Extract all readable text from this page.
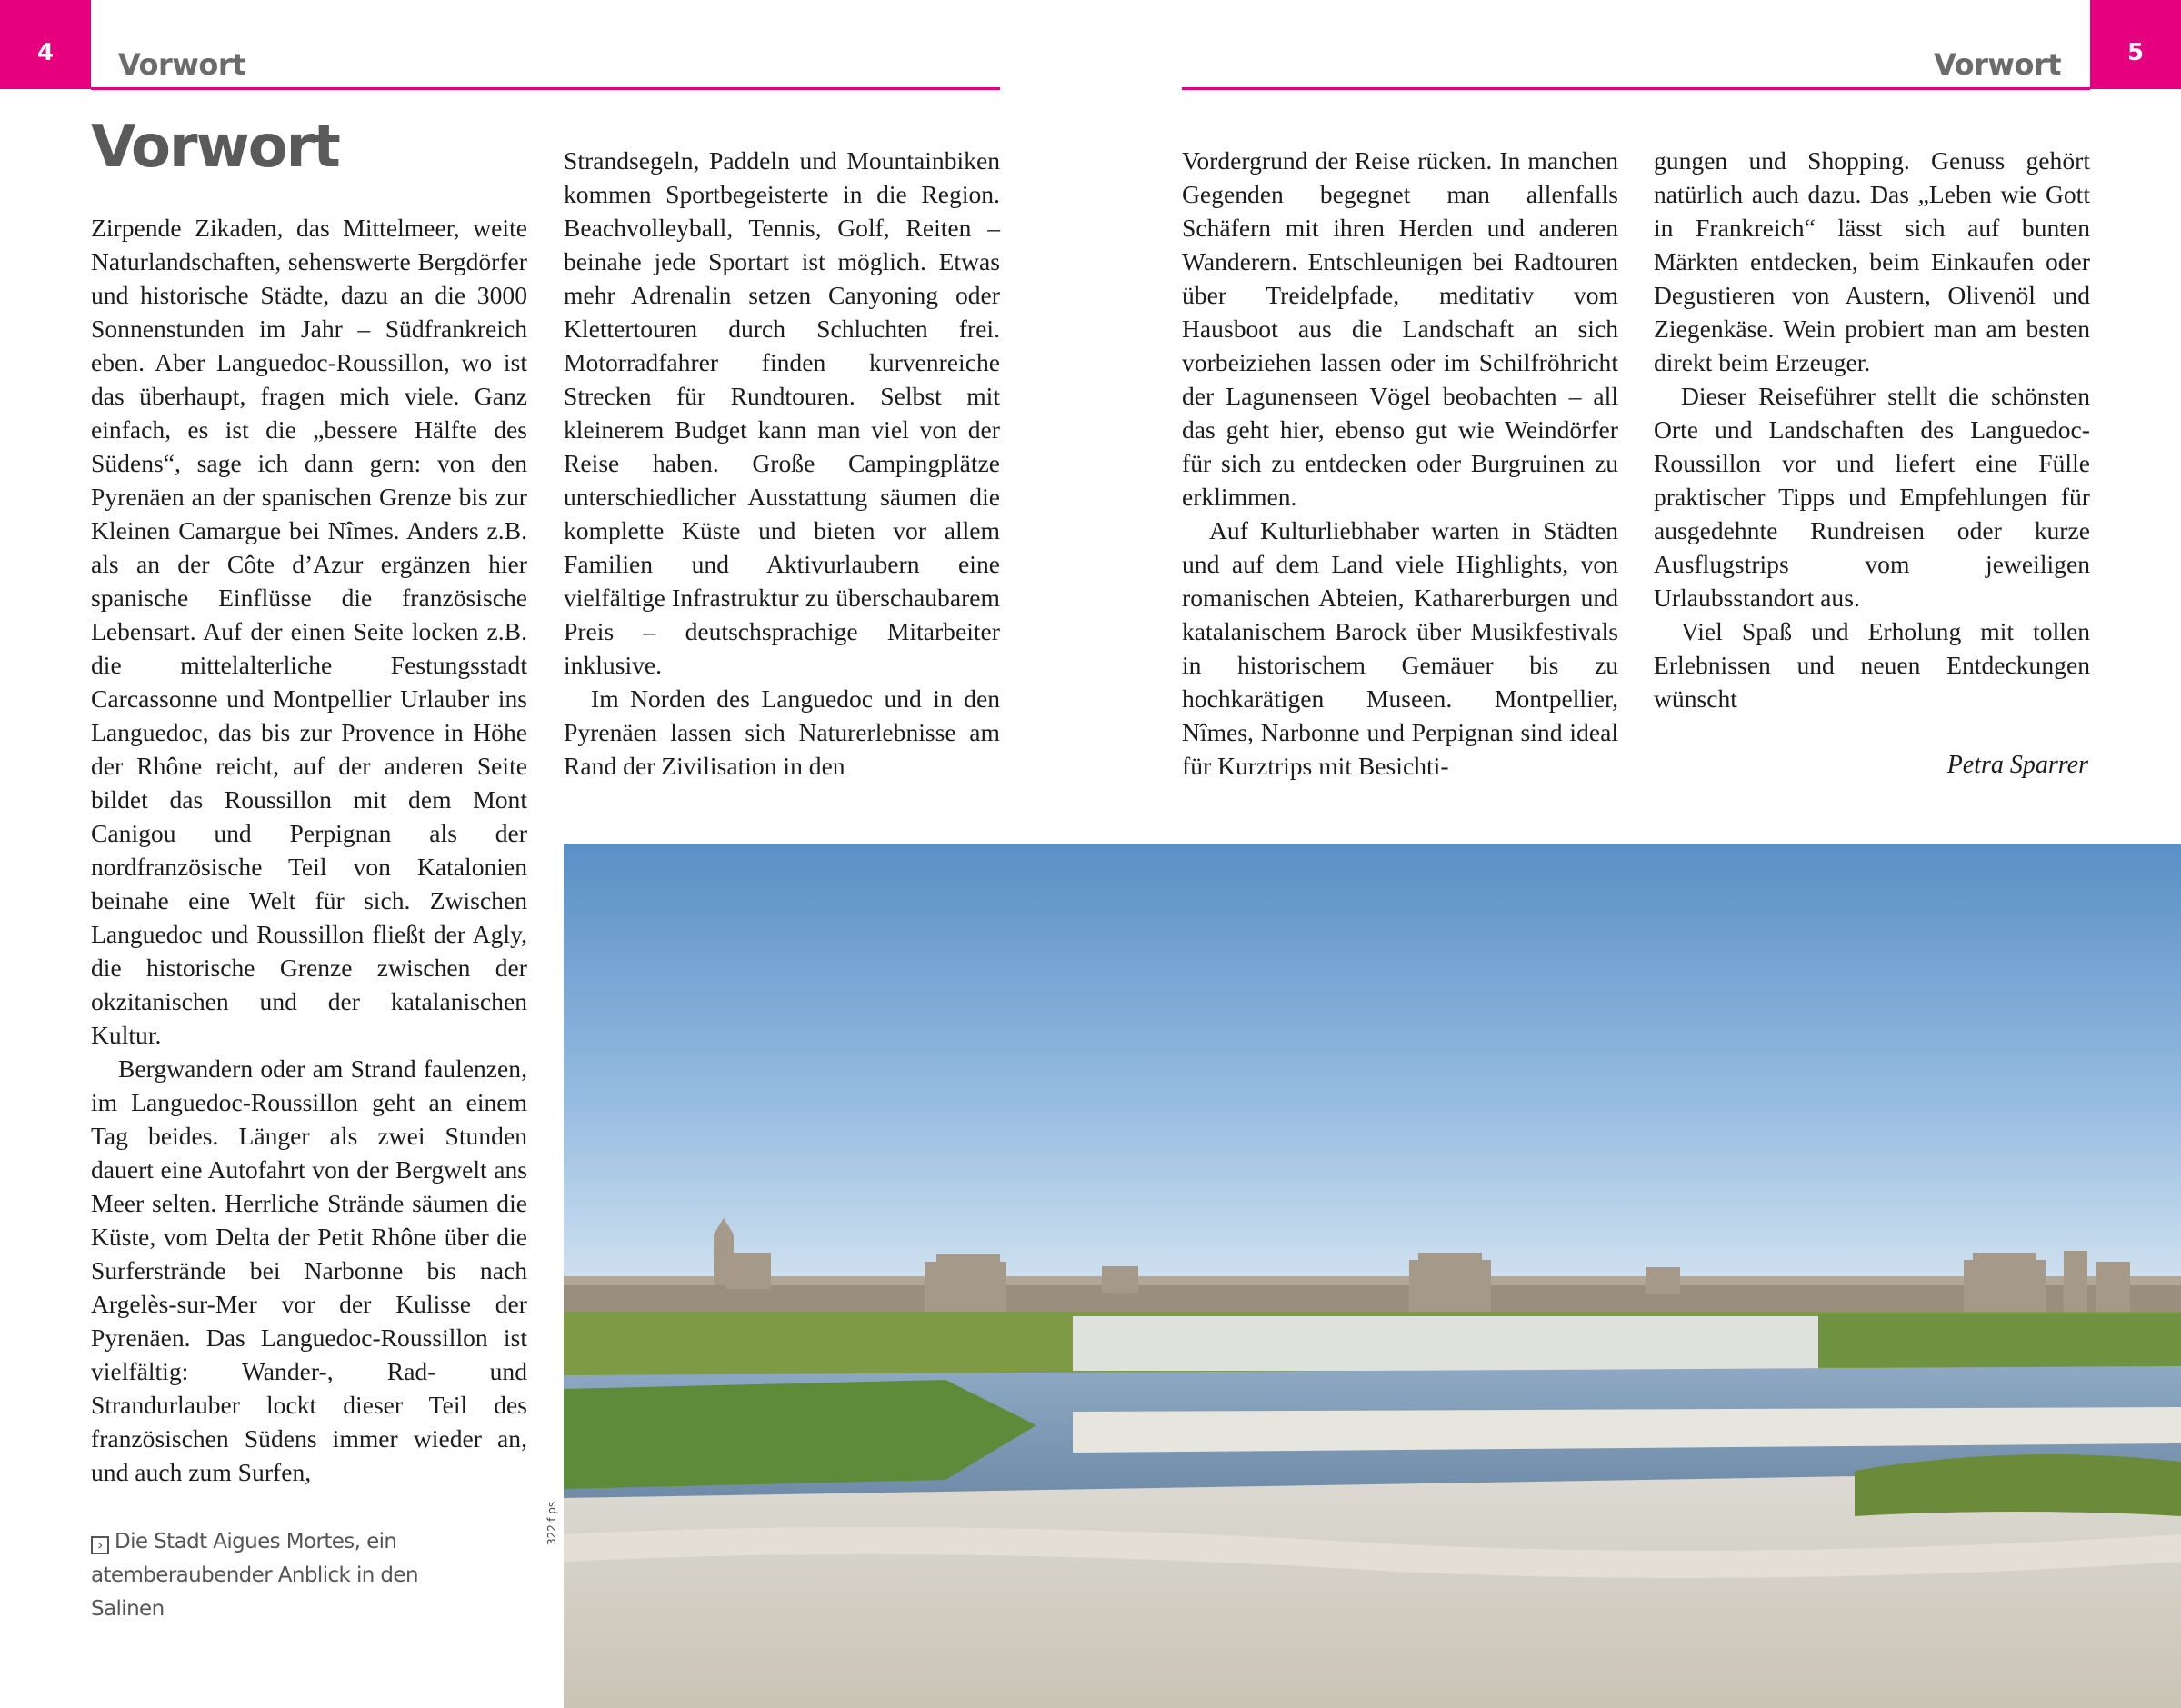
4 Vorwort	5
Vorwort
Vorwort

Zirpende Zikaden, das Mittelmeer, weite Naturlandschaften, sehenswerte Bergdörfer und historische Städte, dazu an die 3000 Sonnenstunden im Jahr – Südfrankreich eben. Aber Languedoc-Roussillon, wo ist das überhaupt, fragen mich viele. Ganz einfach, es ist die „bessere Hälfte des Südens“, sage ich dann gern: von den Pyrenäen an der spanischen Grenze bis zur Kleinen Camargue bei Nîmes. Anders z.B. als an der Côte d’Azur ergänzen hier spanische Einflüsse die französische Lebensart. Auf der einen Seite locken z.B. die mittelalterliche Festungsstadt Carcassonne und Montpellier Urlauber ins Languedoc, das bis zur Provence in Höhe der Rhône reicht, auf der anderen Seite bildet das Roussillon mit dem Mont Canigou und Perpignan als der nordfranzösische Teil von Katalonien beinahe eine Welt für sich. Zwischen Languedoc und Roussillon fließt der Agly, die historische Grenze zwischen der okzitanischen und der katalanischen Kultur.

Bergwandern oder am Strand faulenzen, im Languedoc-Roussillon geht an einem Tag beides. Länger als zwei Stunden dauert eine Autofahrt von der Bergwelt ans Meer selten. Herrliche Strände säumen die Küste, vom Delta der Petit Rhône über die Surferstrände bei Narbonne bis nach Argelès-sur-Mer vor der Kulisse der Pyrenäen. Das Languedoc-Roussillon ist vielfältig: Wander-, Rad- und Strandurlauber lockt dieser Teil des französischen Südens immer wieder an, und auch zum Surfen,

Strandsegeln, Paddeln und Mountainbiken kommen Sportbegeisterte in die Region. Beachvolleyball, Tennis, Golf, Reiten – beinahe jede Sportart ist möglich. Etwas mehr Adrenalin setzen Canyoning oder Klettertouren durch Schluchten frei. Motorradfahrer finden kurvenreiche Strecken für Rundtouren. Selbst mit kleinerem Budget kann man viel von der Reise haben. Große Campingplätze unterschiedlicher Ausstattung säumen die komplette Küste und bieten vor allem Familien und Aktivurlaubern eine vielfältige Infrastruktur zu überschaubarem Preis – deutschsprachige Mitarbeiter inklusive.

Im Norden des Languedoc und in den Pyrenäen lassen sich Naturerlebnisse am Rand der Zivilisation in den

Vordergrund der Reise rücken. In manchen Gegenden begegnet man allenfalls Schäfern mit ihren Herden und anderen Wanderern. Entschleunigen bei Radtouren über Treidelpfade, meditativ vom Hausboot aus die Landschaft an sich vorbeiziehen lassen oder im Schilfröhricht der Lagunenseen Vögel beobachten – all das geht hier, ebenso gut wie Weindörfer für sich zu entdecken oder Burgruinen zu erklimmen.

Auf Kulturliebhaber warten in Städten und auf dem Land viele Highlights, von romanischen Abteien, Katharerburgen und katalanischem Barock über Musikfestivals in historischem Gemäuer bis zu hochkarätigen Museen. Montpellier, Nîmes, Narbonne und Perpignan sind ideal für Kurztrips mit Besichti-

gungen und Shopping. Genuss gehört natürlich auch dazu. Das „Leben wie Gott in Frankreich“ lässt sich auf bunten Märkten entdecken, beim Einkaufen oder Degustieren von Austern, Olivenöl und Ziegenkäse. Wein probiert man am besten direkt beim Erzeuger.

Dieser Reiseführer stellt die schönsten Orte und Landschaften des Languedoc-Roussillon vor und liefert eine Fülle praktischer Tipps und Empfehlungen für ausgedehnte Rundreisen oder kurze Ausflugstrips vom jeweiligen Urlaubsstandort aus.

Viel Spaß und Erholung mit tollen Erlebnissen und neuen Entdeckungen wünscht

Petra Sparrer
› Die Stadt Aigues Mortes, ein atemberaubender Anblick in den Salinen
322lf ps
